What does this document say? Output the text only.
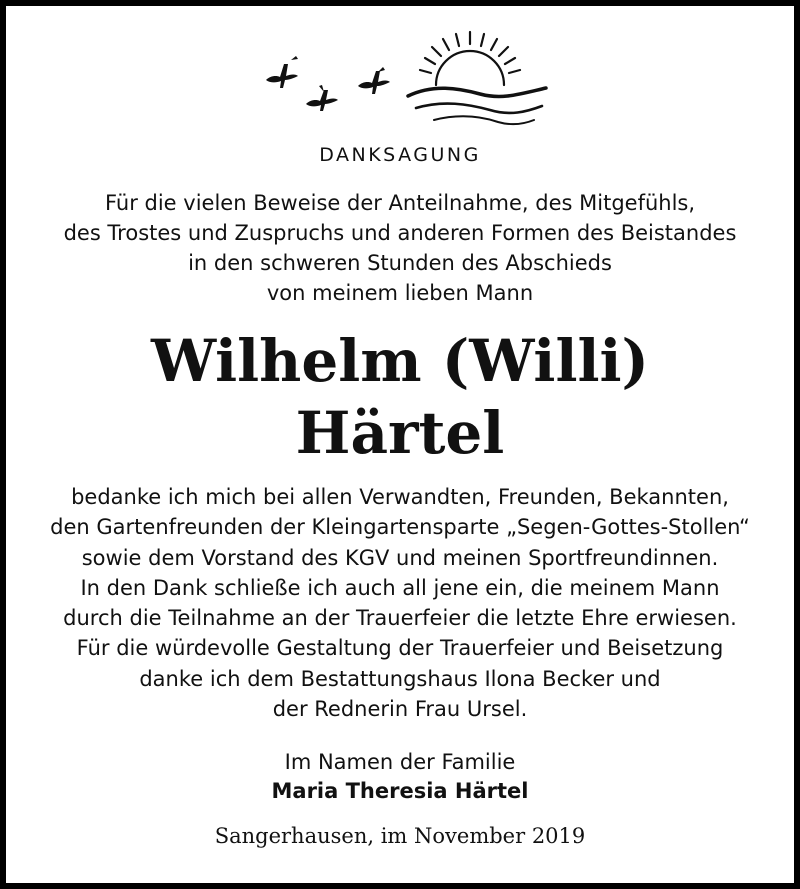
DANKSAGUNG

Für die vielen Beweise der Anteilnahme, des Mitgefühls,
des Trostes und Zuspruchs und anderen Formen des Beistandes
in den schweren Stunden des Abschieds
von meinem lieben Mann

Wilhelm (Willi)
Härtel

bedanke ich mich bei allen Verwandten, Freunden, Bekannten,
den Gartenfreunden der Kleingartensparte „Segen-Gottes-Stollen“
sowie dem Vorstand des KGV und meinen Sportfreundinnen.
In den Dank schließe ich auch all jene ein, die meinem Mann
durch die Teilnahme an der Trauerfeier die letzte Ehre erwiesen.
Für die würdevolle Gestaltung der Trauerfeier und Beisetzung
danke ich dem Bestattungshaus Ilona Becker und
der Rednerin Frau Ursel.

Im Namen der Familie

Maria Theresia Härtel

Sangerhausen, im November 2019
